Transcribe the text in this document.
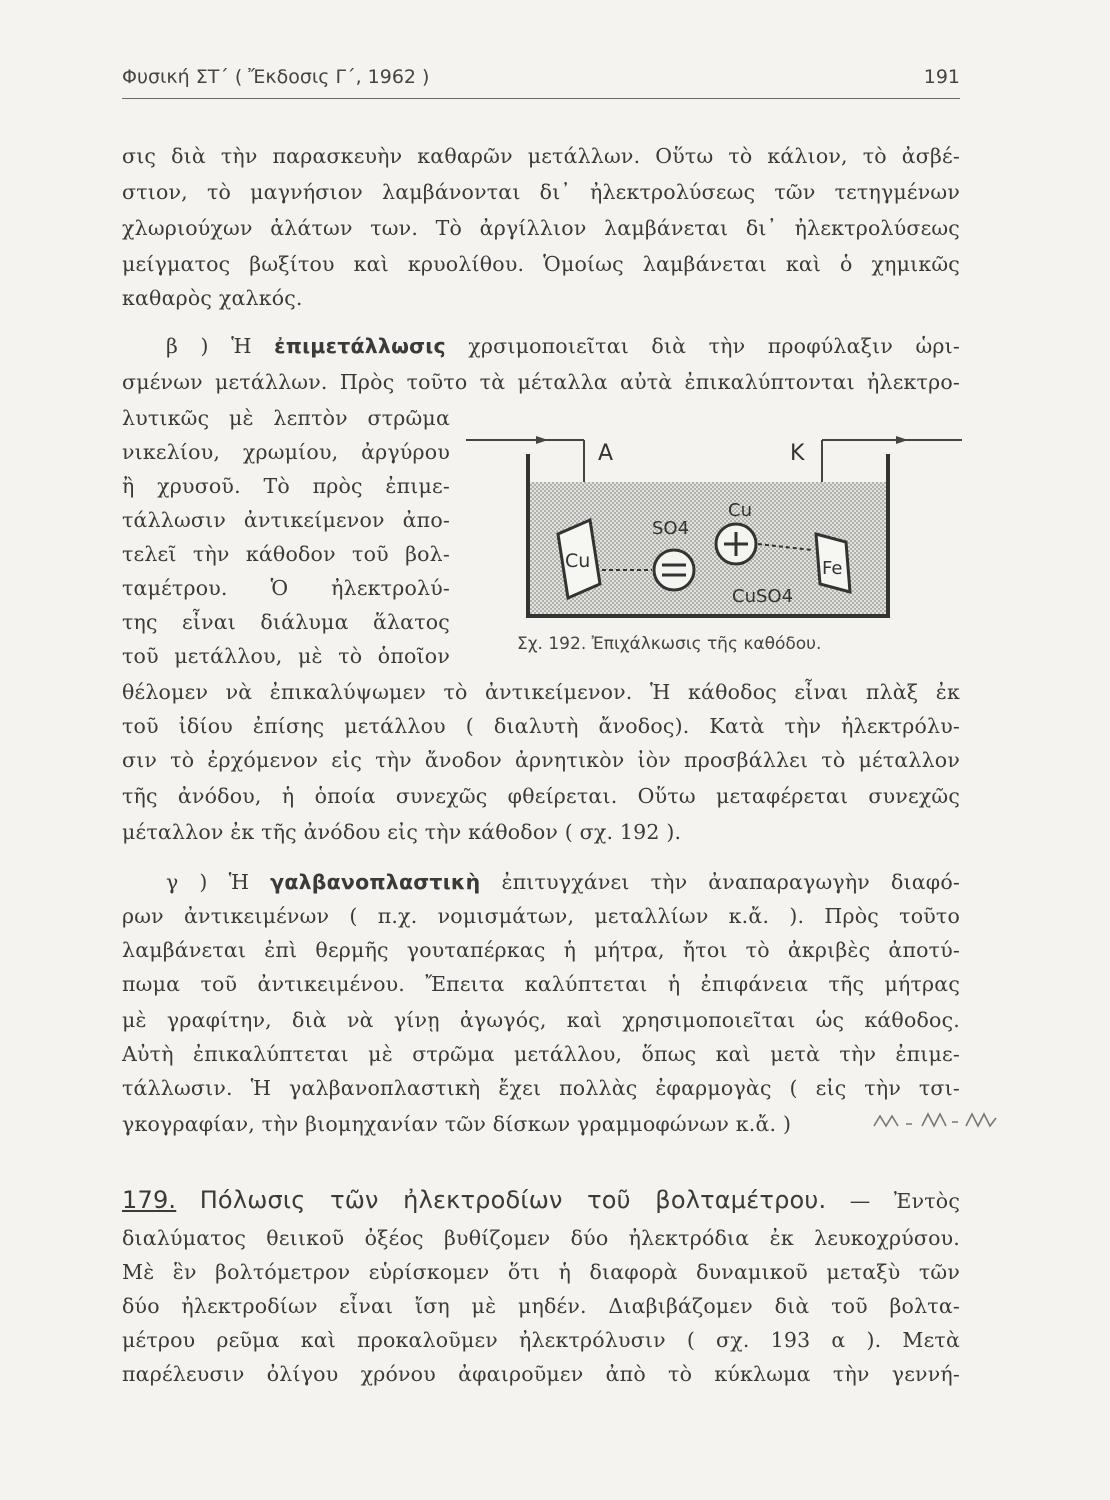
Φυσική ΣΤ΄ ( Ἔκδοσις Γ΄, 1962 )	191
σις διὰ τὴν παρασκευὴν καθαρῶν μετάλλων. Οὕτω τὸ κάλιον, τὸ ἀσβέ-
στιον, τὸ μαγνήσιον λαμβάνονται δι᾽ ἠλεκτρολύσεως τῶν τετηγμένων
χλωριούχων ἁλάτων των. Τὸ ἀργίλλιον λαμβάνεται δι᾽ ἠλεκτρολύσεως
μείγματος βωξίτου καὶ κρυολίθου. Ὁμοίως λαμβάνεται καὶ ὁ χημικῶς
καθαρὸς χαλκός.
β ) Ἡ ἐπιμετάλλωσις χρσιμοποιεῖται διὰ τὴν προφύλαξιν ὡρι-
σμένων μετάλλων. Πρὸς τοῦτο τὰ μέταλλα αὐτὰ ἐπικαλύπτονται ἠλεκτρο-
λυτικῶς μὲ λεπτὸν στρῶμα
νικελίου, χρωμίου, ἀργύρου
ἢ χρυσοῦ. Τὸ πρὸς ἐπιμε-
τάλλωσιν ἀντικείμενον ἀπο-
τελεῖ τὴν κάθοδον τοῦ βολ-
ταμέτρου. Ὁ ἠλεκτρολύ-
της εἶναι διάλυμα ἅλατος
τοῦ μετάλλου, μὲ τὸ ὁποῖον
θέλομεν νὰ ἐπικαλύψωμεν τὸ ἀντικείμενον. Ἡ κάθοδος εἶναι πλὰξ ἐκ
τοῦ ἰδίου ἐπίσης μετάλλου ( διαλυτὴ ἄνοδος). Κατὰ τὴν ἠλεκτρόλυ-
σιν τὸ ἐρχόμενον εἰς τὴν ἄνοδον ἀρνητικὸν ἰὸν προσβάλλει τὸ μέταλλον
τῆς ἀνόδου, ἡ ὁποία συνεχῶς φθείρεται. Οὕτω μεταφέρεται συνεχῶς
μέταλλον ἐκ τῆς ἀνόδου εἰς τὴν κάθοδον ( σχ. 192 ).
A	K
Cu	Fe
SO4
Cu
CuSO4
Σχ. 192. Ἐπιχάλκωσις τῆς καθόδου.
γ ) Ἡ γαλβανοπλαστικὴ ἐπιτυγχάνει τὴν ἀναπαραγωγὴν διαφό-
ρων ἀντικειμένων ( π.χ. νομισμάτων, μεταλλίων κ.ἄ. ). Πρὸς τοῦτο
λαμβάνεται ἐπὶ θερμῆς γουταπέρκας ἡ μήτρα, ἤτοι τὸ ἀκριβὲς ἀποτύ-
πωμα τοῦ ἀντικειμένου. Ἔπειτα καλύπτεται ἡ ἐπιφάνεια τῆς μήτρας
μὲ γραφίτην, διὰ νὰ γίνῃ ἀγωγός, καὶ χρησιμοποιεῖται ὡς κάθοδος.
Αὐτὴ ἐπικαλύπτεται μὲ στρῶμα μετάλλου, ὅπως καὶ μετὰ τὴν ἐπιμε-
τάλλωσιν. Ἡ γαλβανοπλαστικὴ ἔχει πολλὰς ἐφαρμογὰς ( εἰς τὴν τσι-
γκογραφίαν, τὴν βιομηχανίαν τῶν δίσκων γραμμοφώνων κ.ἄ. )
179. Πόλωσις τῶν ἠλεκτροδίων τοῦ βολταμέτρου. — Ἐντὸς
διαλύματος θειικοῦ ὀξέος βυθίζομεν δύο ἠλεκτρόδια ἐκ λευκοχρύσου.
Μὲ ἓν βολτόμετρον εὑρίσκομεν ὅτι ἡ διαφορὰ δυναμικοῦ μεταξὺ τῶν
δύο ἠλεκτροδίων εἶναι ἴση μὲ μηδέν. Διαβιβάζομεν διὰ τοῦ βολτα-
μέτρου ρεῦμα καὶ προκαλοῦμεν ἠλεκτρόλυσιν ( σχ. 193 α ). Μετὰ
παρέλευσιν ὀλίγου χρόνου ἀφαιροῦμεν ἀπὸ τὸ κύκλωμα τὴν γεννή-
